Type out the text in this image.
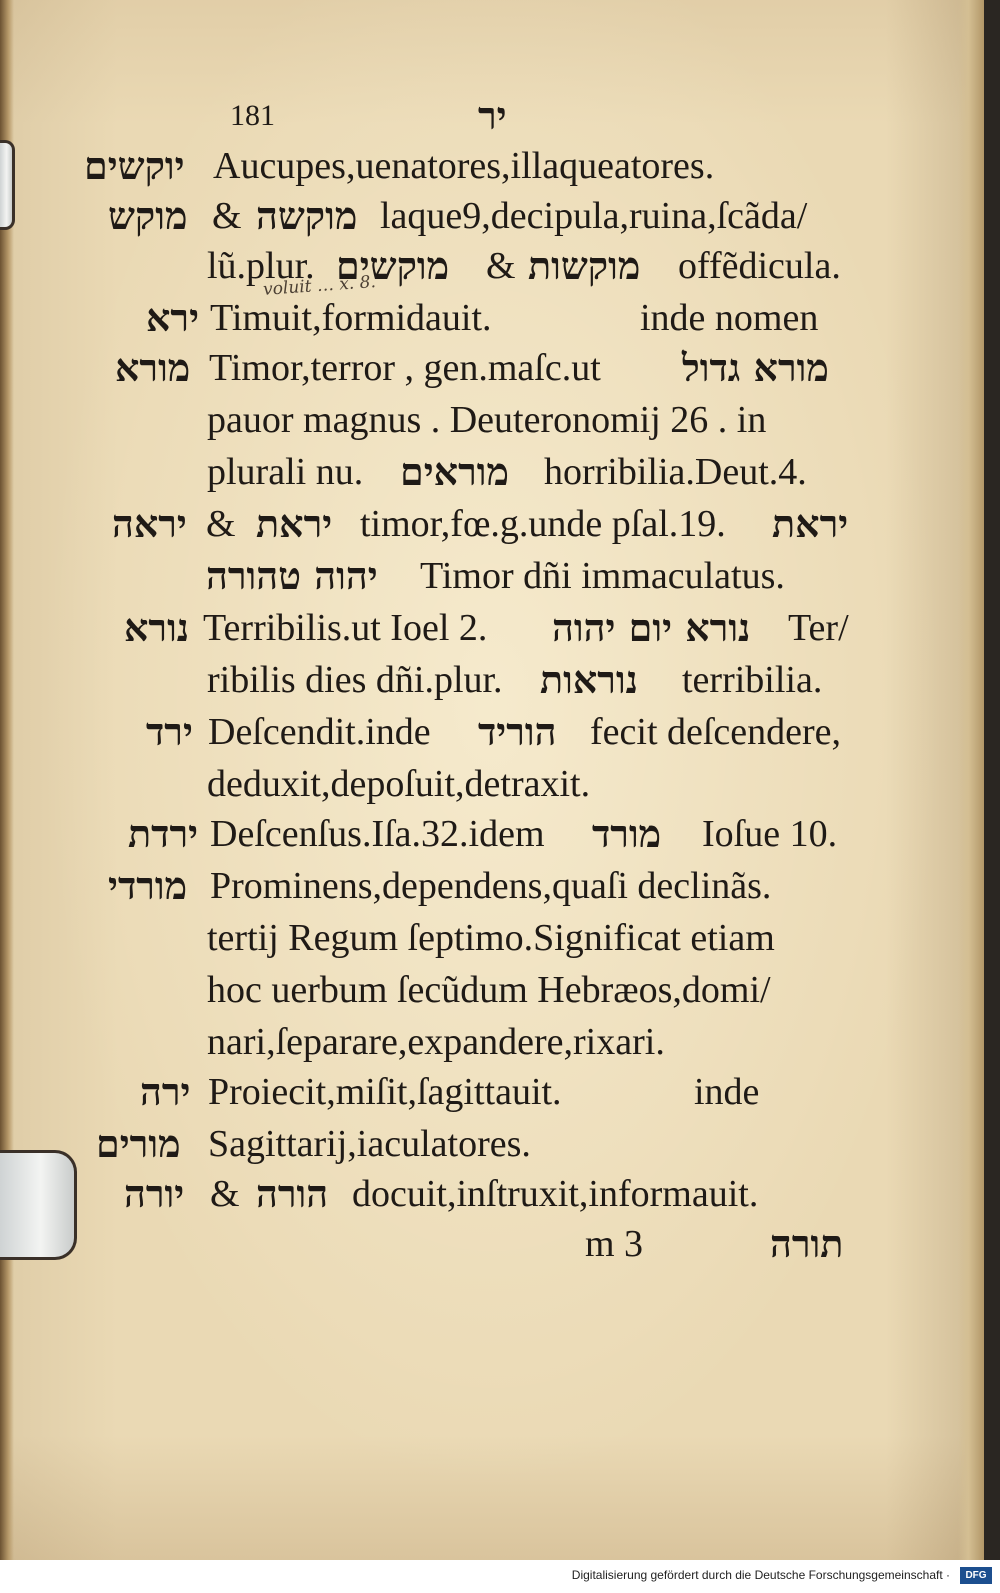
181	יר
יוקשים Aucupes,uenatores,illaqueatores.
מוקש & מוקשה laque9,decipula,ruina,ſcãda/
lũ.plur. מוקשים & מוקשות offẽdicula.
voluit … x. 8.
ירא Timuit,formidauit.	inde nomen
מורא Timor,terror , gen.maſc.ut מורא גדול
pauor magnus . Deuteronomij 26 . in
plurali nu. מוראים horribilia.Deut.4.
יראה & יראת timor,fœ.g.unde pſal.19. יראת
יהוה טהורה Timor dñi immaculatus.
נורא Terribilis.ut Ioel 2. נורא יום יהוה Ter/
ribilis dies dñi.plur. נוראות terribilia.
ירד Deſcendit.inde הוריד fecit deſcendere,
deduxit,depoſuit,detraxit.
ירדת Deſcenſus.Iſa.32.idem מורד Ioſue 10.
מורדי Prominens,dependens,quaſi declinãs.
tertij Regum ſeptimo.Significat etiam
hoc uerbum ſecũdum Hebræos,domi/
nari,ſeparare,expandere,rixari.
ירה Proiecit,miſit,ſagittauit.	inde
מורים Sagittarij,iaculatores.
יורה & הורה docuit,inſtruxit,informauit.
m 3	תורה
Digitalisierung gefördert durch die Deutsche Forschungsgemeinschaft ·	DFG
